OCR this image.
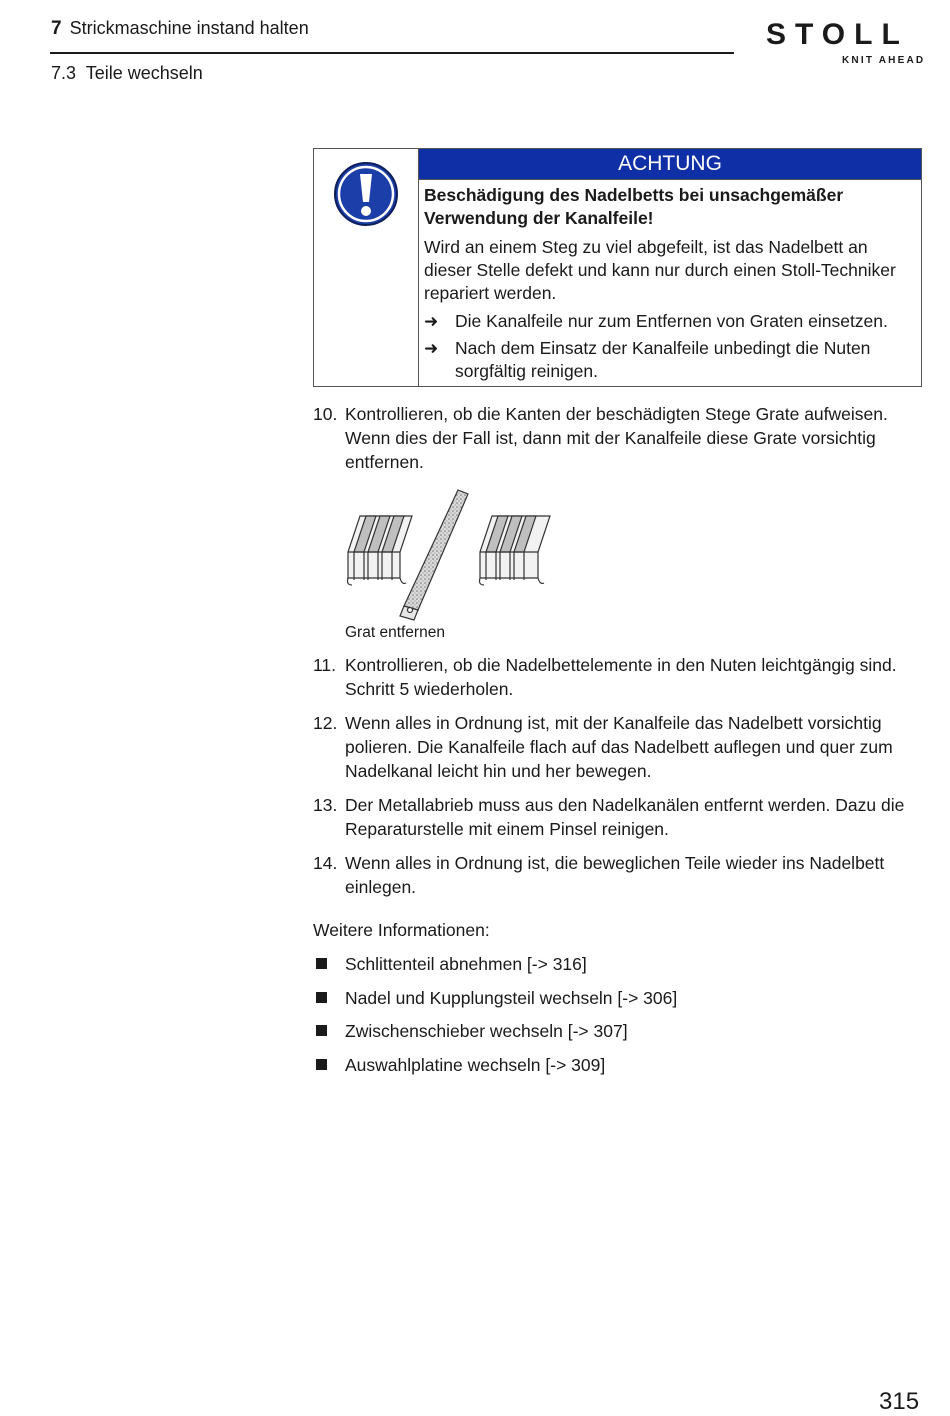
7 Strickmaschine instand halten
7.3  Teile wechseln
STOLL
KNIT AHEAD
ACHTUNG

Beschädigung des Nadelbetts bei unsachgemäßer Verwendung der Kanalfeile!

Wird an einem Steg zu viel abgefeilt, ist das Nadelbett an dieser Stelle defekt und kann nur durch einen Stoll-Techniker repariert werden.

➜ Die Kanalfeile nur zum Entfernen von Graten einsetzen.
➜ Nach dem Einsatz der Kanalfeile unbedingt die Nuten sorgfältig reinigen.
10. Kontrollieren, ob die Kanten der beschädigten Stege Grate aufweisen. Wenn dies der Fall ist, dann mit der Kanalfeile diese Grate vorsichtig entfernen.
Grat entfernen
11. Kontrollieren, ob die Nadelbettelemente in den Nuten leichtgängig sind. Schritt 5 wiederholen.
12. Wenn alles in Ordnung ist, mit der Kanalfeile das Nadelbett vorsichtig polieren. Die Kanalfeile flach auf das Nadelbett auflegen und quer zum Nadelkanal leicht hin und her bewegen.
13. Der Metallabrieb muss aus den Nadelkanälen entfernt werden. Dazu die Reparaturstelle mit einem Pinsel reinigen.
14. Wenn alles in Ordnung ist, die beweglichen Teile wieder ins Nadelbett einlegen.
Weitere Informationen:
Schlittenteil abnehmen [-> 316]
Nadel und Kupplungsteil wechseln [-> 306]
Zwischenschieber wechseln [-> 307]
Auswahlplatine wechseln [-> 309]
315
